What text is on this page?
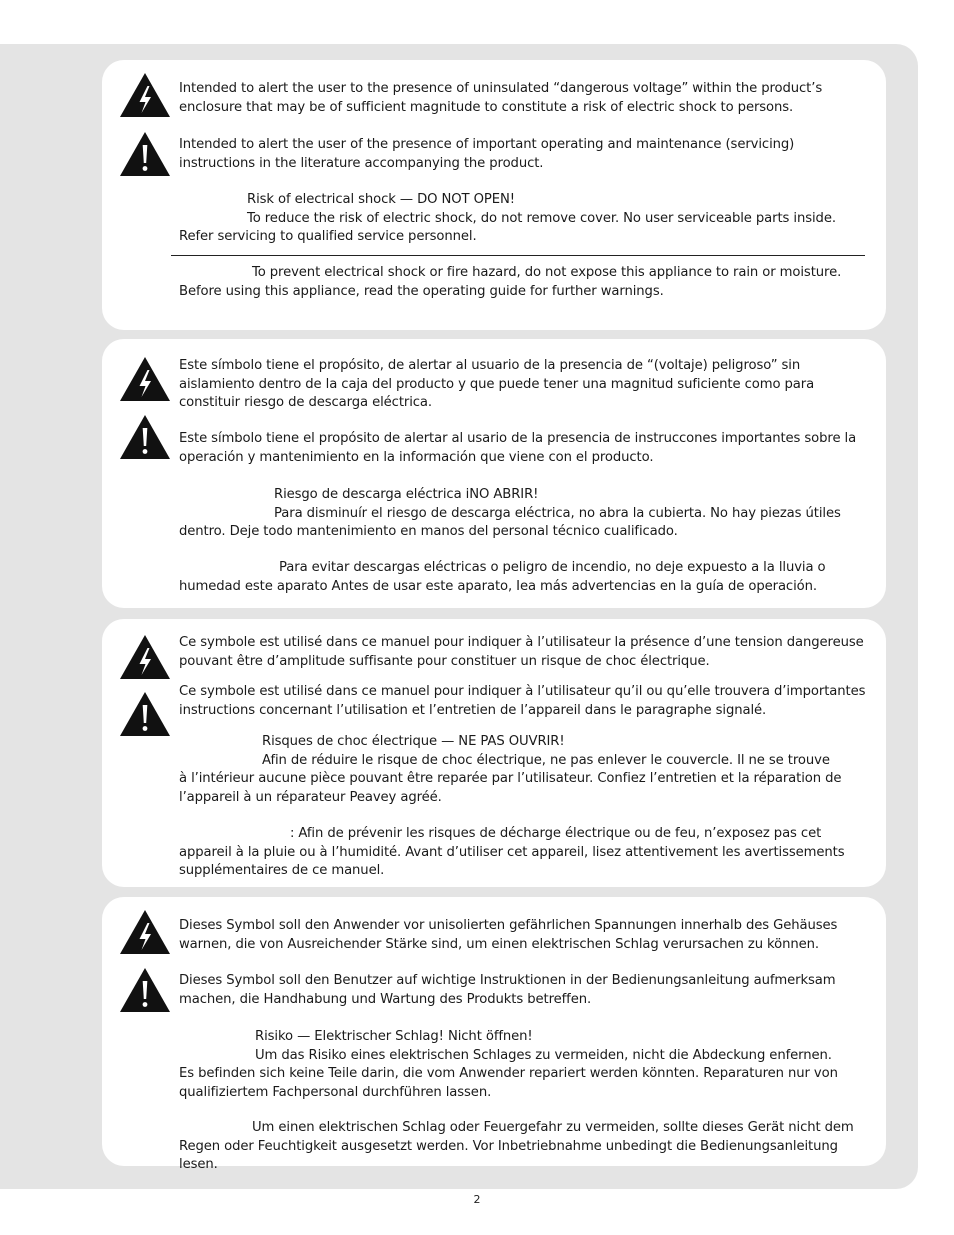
Intended to alert the user to the presence of uninsulated “dangerous voltage” within the product’s enclosure that may be of sufficient magnitude to constitute a risk of electric shock to persons.
Intended to alert the user of the presence of important operating and maintenance (servicing) instructions in the literature accompanying the product.
Risk of electrical shock — DO NOT OPEN!
To reduce the risk of electric shock, do not remove cover. No user serviceable parts inside.
Refer servicing to qualified service personnel.
To prevent electrical shock or fire hazard, do not expose this appliance to rain or moisture.
Before using this appliance, read the operating guide for further warnings.
Este símbolo tiene el propósito, de alertar al usuario de la presencia de “(voltaje) peligroso” sin aislamiento dentro de la caja del producto y que puede tener una magnitud suficiente como para constituir riesgo de descarga eléctrica.
Este símbolo tiene el propósito de alertar al usario de la presencia de instruccones importantes sobre la operación y mantenimiento en la información que viene con el producto.
Riesgo de descarga eléctrica iNO ABRIR!
Para disminuír el riesgo de descarga eléctrica, no abra la cubierta. No hay piezas útiles
dentro. Deje todo mantenimiento en manos del personal técnico cualificado.
Para evitar descargas eléctricas o peligro de incendio, no deje expuesto a la lluvia o
humedad este aparato Antes de usar este aparato, Iea más advertencias en la guía de operación.
Ce symbole est utilisé dans ce manuel pour indiquer à l’utilisateur la présence d’une tension dangereuse pouvant être d’amplitude suffisante pour constituer un risque de choc électrique.
Ce symbole est utilisé dans ce manuel pour indiquer à l’utilisateur qu’il ou qu’elle trouvera d’importantes instructions concernant l’utilisation et l’entretien de l’appareil dans le paragraphe signalé.
Risques de choc électrique — NE PAS OUVRIR!
Afin de réduire le risque de choc électrique, ne pas enlever le couvercle. Il ne se trouve
à l’intérieur aucune pièce pouvant être reparée par l’utilisateur. Confiez l’entretien et la réparation de
l’appareil à un réparateur Peavey agréé.
: Afin de prévenir les risques de décharge électrique ou de feu, n’exposez pas cet
appareil à la pluie ou à l’humidité. Avant d’utiliser cet appareil, lisez attentivement les avertissements
supplémentaires de ce manuel.
Dieses Symbol soll den Anwender vor unisolierten gefährlichen Spannungen innerhalb des Gehäuses warnen, die von Ausreichender Stärke sind, um einen elektrischen Schlag verursachen zu können.
Dieses Symbol soll den Benutzer auf wichtige Instruktionen in der Bedienungsanleitung aufmerksam machen, die Handhabung und Wartung des Produkts betreffen.
Risiko — Elektrischer Schlag! Nicht öffnen!
Um das Risiko eines elektrischen Schlages zu vermeiden, nicht die Abdeckung enfernen.
Es befinden sich keine Teile darin, die vom Anwender repariert werden könnten. Reparaturen nur von
qualifiziertem Fachpersonal durchführen lassen.
Um einen elektrischen Schlag oder Feuergefahr zu vermeiden, sollte dieses Gerät nicht dem
Regen oder Feuchtigkeit ausgesetzt werden. Vor Inbetriebnahme unbedingt die Bedienungsanleitung lesen.
2
